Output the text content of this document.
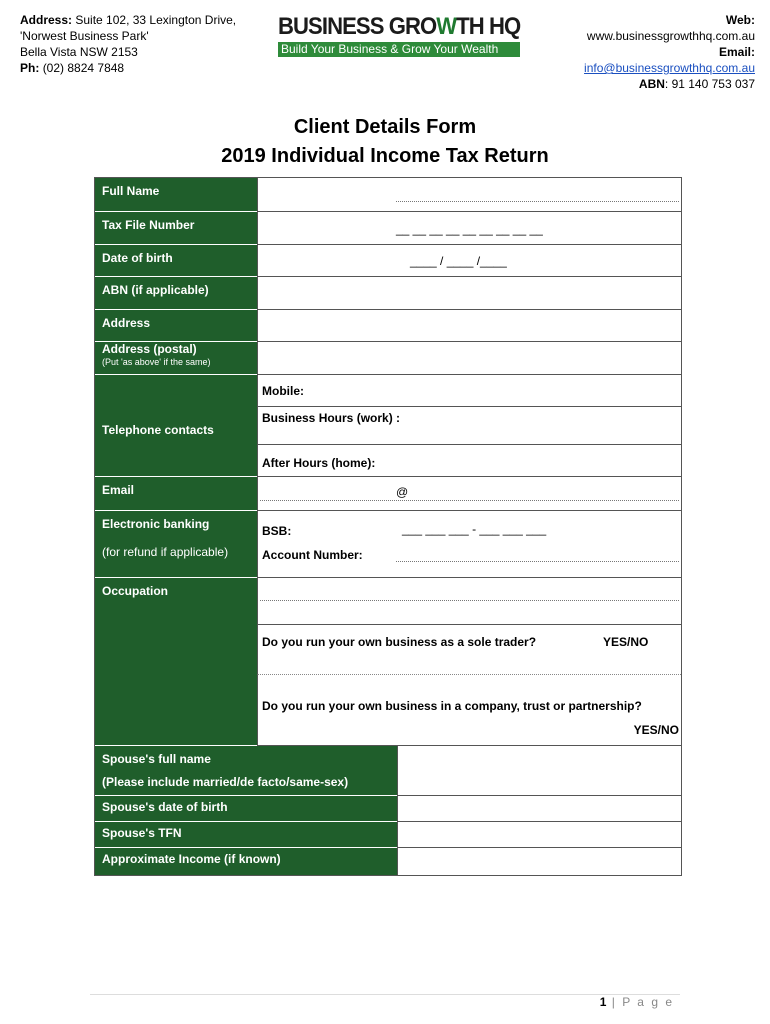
Address: Suite 102, 33 Lexington Drive,
'Norwest Business Park'
Bella Vista NSW 2153
Ph: (02) 8824 7848
BUSINESS GROWTH HQ
Build Your Business & Grow Your Wealth
Web:
www.businessgrowthhq.com.au
Email:
info@businessgrowthhq.com.au
ABN: 91 140 753 037
Client Details Form
2019 Individual Income Tax Return
Full Name
Tax File Number	__ __ __ __ __ __ __ __ __
Date of birth	____ / ____ /____
ABN (if applicable)
Address
Address (postal)
(Put 'as above' if the same)
Telephone contacts
Mobile:
Business Hours (work) :
After Hours (home):
Email	@
Electronic banking

(for refund if applicable)
BSB:	___ ___ ___ - ___ ___ ___
Account Number:
Occupation
Do you run your own business as a sole trader?	YES/NO
Do you run your own business in a company, trust or partnership?
YES/NO
Spouse's full name

(Please include married/de facto/same-sex)
Spouse's date of birth
Spouse's TFN
Approximate Income (if known)
1 | P a g e
